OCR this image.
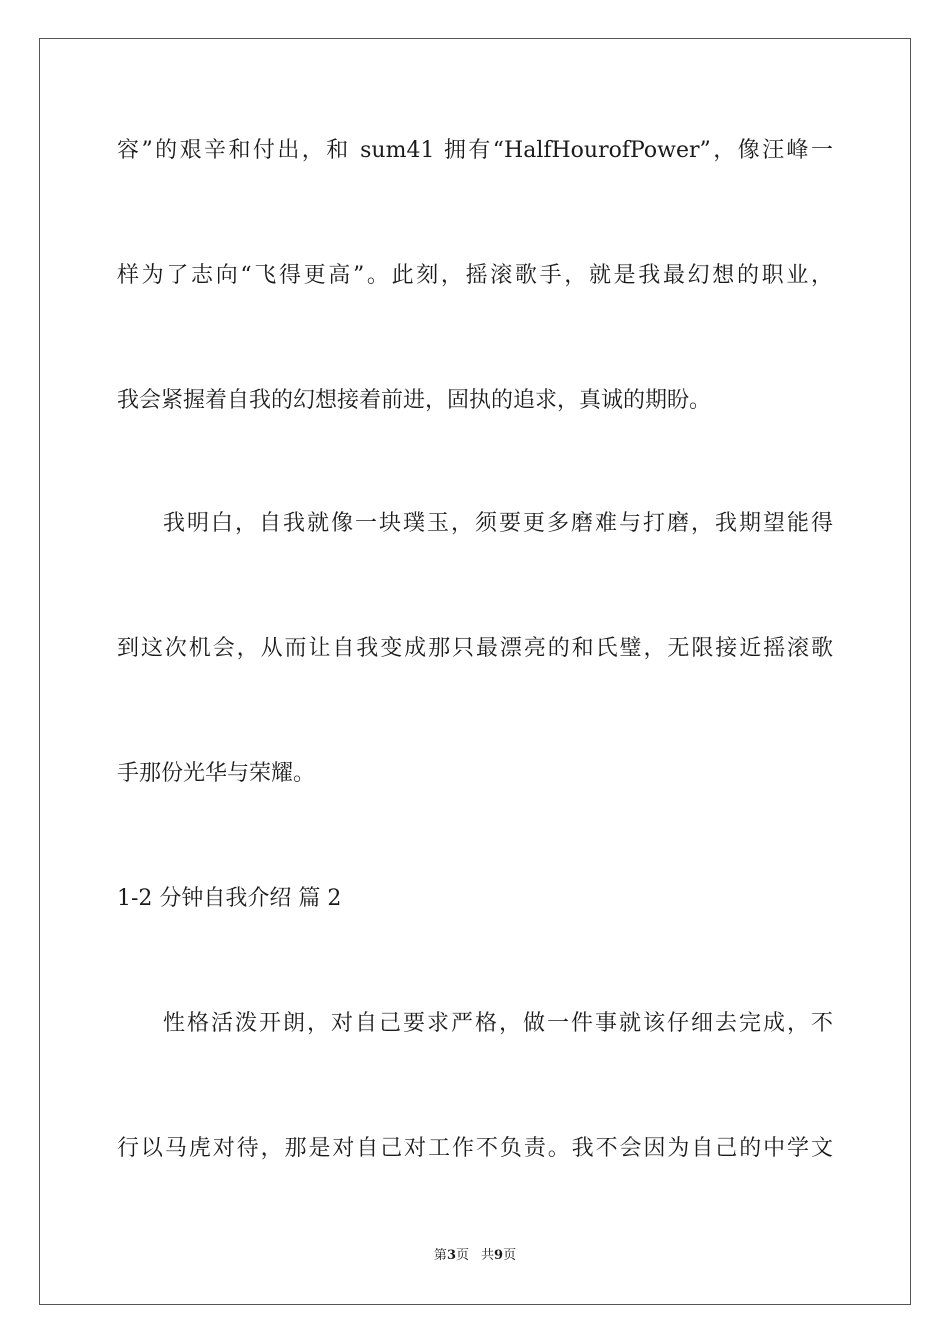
容”的艰辛和付出，和 sum41 拥有“HalfHourofPower”，像汪峰一
样为了志向“飞得更高”。此刻，摇滚歌手，就是我最幻想的职业，
我会紧握着自我的幻想接着前进，固执的追求，真诚的期盼。
我明白，自我就像一块璞玉，须要更多磨难与打磨，我期望能得
到这次机会，从而让自我变成那只最漂亮的和氏璧，无限接近摇滚歌
手那份光华与荣耀。
1-2 分钟自我介绍 篇 2
性格活泼开朗，对自己要求严格，做一件事就该仔细去完成，不
行以马虎对待，那是对自己对工作不负责。我不会因为自己的中学文
第3页 共9页
